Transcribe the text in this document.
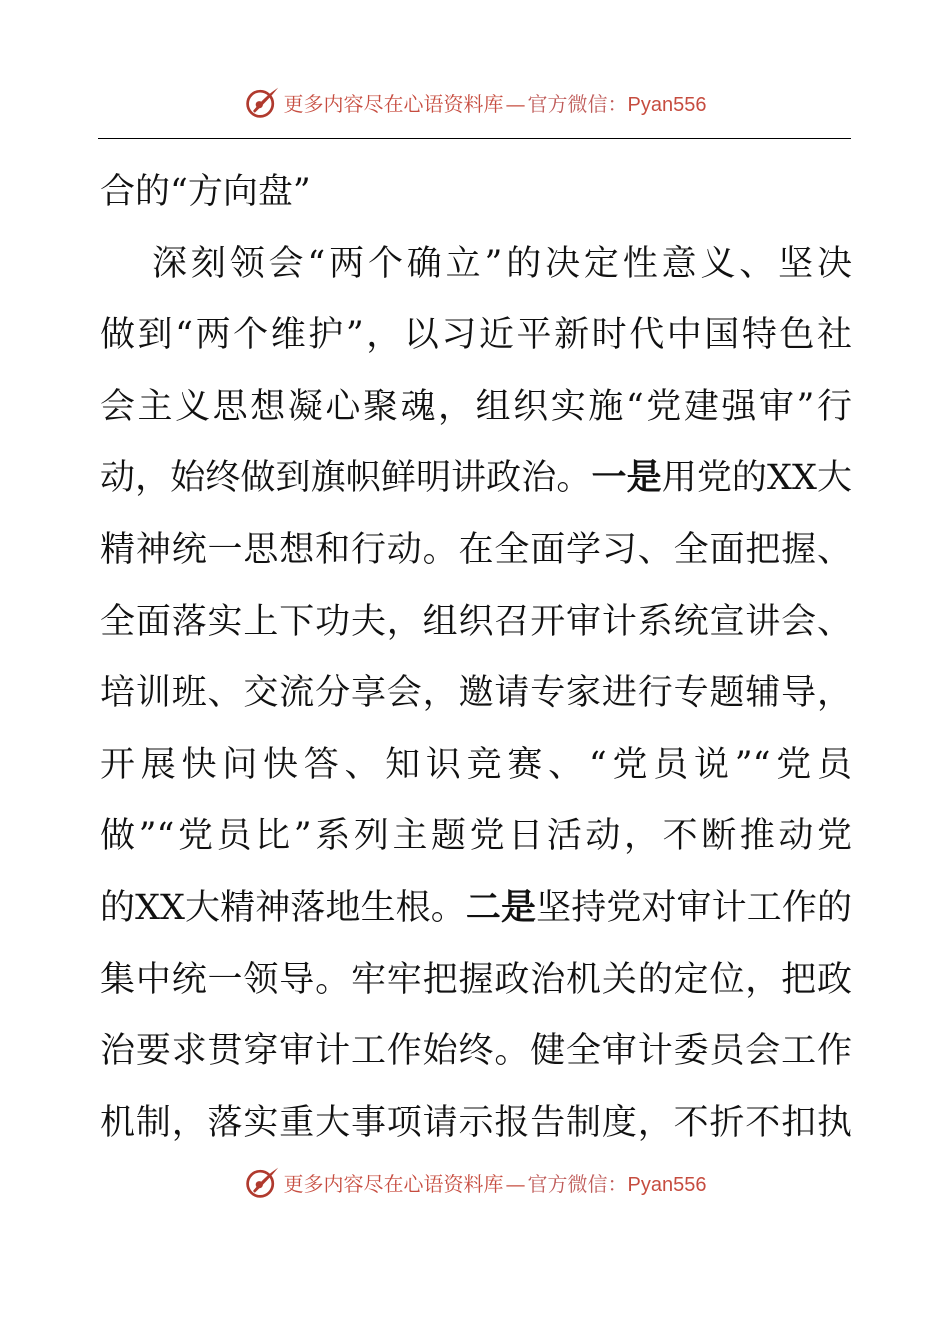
更多内容尽在心语资料库 — 官方微信：Pyan556
合的“方向盘”
深刻领会“两个确立”的决定性意义、坚决
做到“两个维护”，以习近平新时代中国特色社
会主义思想凝心聚魂，组织实施“党建强审”行
动，始终做到旗帜鲜明讲政治。一是用党的XX大
精神统一思想和行动。在全面学习、全面把握、
全面落实上下功夫，组织召开审计系统宣讲会、
培训班、交流分享会，邀请专家进行专题辅导，
开展快问快答、知识竞赛、“党员说”“党员
做”“党员比”系列主题党日活动，不断推动党
的XX大精神落地生根。二是坚持党对审计工作的
集中统一领导。牢牢把握政治机关的定位，把政
治要求贯穿审计工作始终。健全审计委员会工作
机制，落实重大事项请示报告制度，不折不扣执
更多内容尽在心语资料库 — 官方微信：Pyan556
